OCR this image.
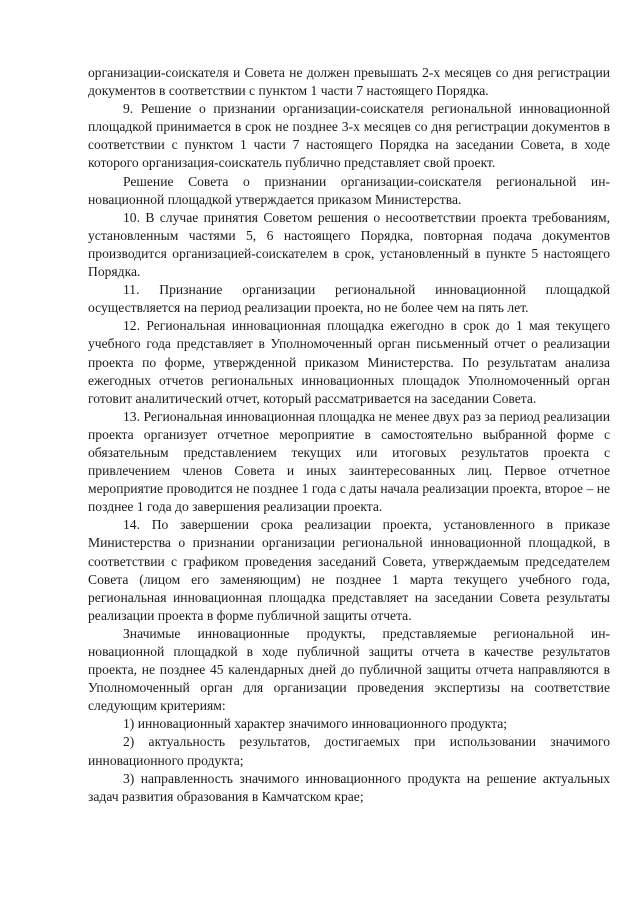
организации-соискателя и Совета не должен превышать 2-х месяцев со дня регистрации документов в соответствии с пунктом 1 части 7 настоящего Порядка.

9. Решение о признании организации-соискателя региональной инновационной площадкой принимается в срок не позднее 3-х месяцев со дня регистрации документов в соответствии с пунктом 1 части 7 настоящего Порядка на заседании Совета, в ходе которого организация-соискатель публично представляет свой проект.

Решение Совета о признании организации-соискателя региональной инновационной площадкой утверждается приказом Министерства.

10. В случае принятия Советом решения о несоответствии проекта требованиям, установленным частями 5, 6 настоящего Порядка, повторная подача документов производится организацией-соискателем в срок, установленный в пункте 5 настоящего Порядка.

11. Признание организации региональной инновационной площадкой осуществляется на период реализации проекта, но не более чем на пять лет.

12. Региональная инновационная площадка ежегодно в срок до 1 мая текущего учебного года представляет в Уполномоченный орган письменный отчет о реализации проекта по форме, утвержденной приказом Министерства. По результатам анализа ежегодных отчетов региональных инновационных площадок Уполномоченный орган готовит аналитический отчет, который рассматривается на заседании Совета.

13. Региональная инновационная площадка не менее двух раз за период реализации проекта организует отчетное мероприятие в самостоятельно выбранной форме с обязательным представлением текущих или итоговых результатов проекта с привлечением членов Совета и иных заинтересованных лиц. Первое отчетное мероприятие проводится не позднее 1 года с даты начала реализации проекта, второе – не позднее 1 года до завершения реализации проекта.

14. По завершении срока реализации проекта, установленного в приказе Министерства о признании организации региональной инновационной площадкой, в соответствии с графиком проведения заседаний Совета, утверждаемым председателем Совета (лицом его заменяющим) не позднее 1 марта текущего учебного года, региональная инновационная площадка представляет на заседании Совета результаты реализации проекта в форме публичной защиты отчета.

Значимые инновационные продукты, представляемые региональной инновационной площадкой в ходе публичной защиты отчета в качестве результатов проекта, не позднее 45 календарных дней до публичной защиты отчета направляются в Уполномоченный орган для организации проведения экспертизы на соответствие следующим критериям:

1) инновационный характер значимого инновационного продукта;

2) актуальность результатов, достигаемых при использовании значимого инновационного продукта;

3) направленность значимого инновационного продукта на решение актуальных задач развития образования в Камчатском крае;
